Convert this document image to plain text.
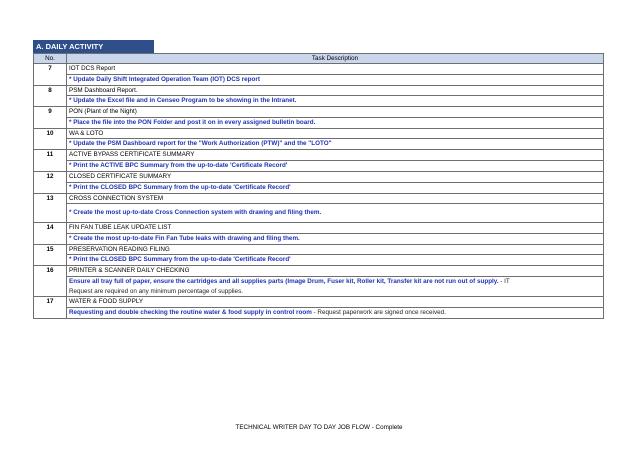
A. DAILY ACTIVITY
No.	Task Description
7	IOT DCS Report
	* Update Daily Shift Integrated Operation Team (IOT) DCS report
8	PSM Dashboard Report.
	* Update the Excel file and in Censeo Program to be showing in the Intranet.
9	PON (Plant of the Night)
	* Place the file into the PON Folder and post it on in every assigned bulletin board.
10	WA & LOTO
	* Update the PSM Dashboard report for the "Work Authorization (PTW)" and the "LOTO"
11	ACTIVE BYPASS CERTIFICATE SUMMARY
	* Print the ACTIVE BPC Summary from the up-to-date 'Certificate Record'
12	CLOSED CERTIFICATE SUMMARY
	* Print the CLOSED BPC Summary from the up-to-date 'Certificate Record'
13	CROSS CONNECTION SYSTEM
	* Create the most up-to-date Cross Connection system with drawing and filing them.
14	FIN FAN TUBE LEAK UPDATE LIST
	* Create the most up-to-date Fin Fan Tube leaks with drawing and filing them.
15	PRESERVATION READING FILING
	* Print the CLOSED BPC Summary from the up-to-date 'Certificate Record'
16	PRINTER & SCANNER DAILY CHECKING
	Ensure all tray full of paper, ensure the cartridges and all supplies parts (Image Drum, Fuser kit, Roller kit, Transfer kit are not run out of supply. - IT
Request are required on any minimum percentage of supplies.
17	WATER & FOOD SUPPLY
	Requesting and double checking the routine water & food supply in control room - Request paperwork are signed once received.
TECHNICAL WRITER DAY TO DAY JOB FLOW - Complete
